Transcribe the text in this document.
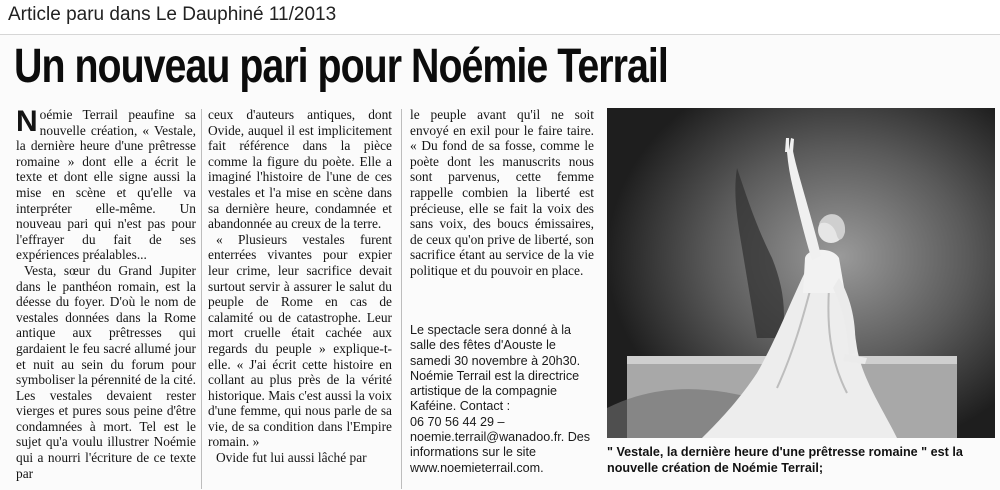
Article paru dans Le Dauphiné 11/2013
Un nouveau pari pour Noémie Terrail

Noémie Terrail peaufine sa nouvelle création, « Vestale, la dernière heure d'une prêtresse romaine » dont elle a écrit le texte et dont elle signe aussi la mise en scène et qu'elle va interpréter elle-même. Un nouveau pari qui n'est pas pour l'effrayer du fait de ses expériences préalables...

Vesta, sœur du Grand Jupiter dans le panthéon romain, est la déesse du foyer. D'où le nom de vestales données dans la Rome antique aux prêtresses qui gardaient le feu sacré allumé jour et nuit au sein du forum pour symboliser la pérennité de la cité. Les vestales devaient rester vierges et pures sous peine d'être condamnées à mort. Tel est le sujet qu'a voulu illustrer Noémie qui a nourri l'écriture de ce texte par

ceux d'auteurs antiques, dont Ovide, auquel il est implicitement fait référence dans la pièce comme la figure du poète. Elle a imaginé l'histoire de l'une de ces vestales et l'a mise en scène dans sa dernière heure, condamnée et abandonnée au creux de la terre.

« Plusieurs vestales furent enterrées vivantes pour expier leur crime, leur sacrifice devait surtout servir à assurer le salut du peuple de Rome en cas de calamité ou de catastrophe. Leur mort cruelle était cachée aux regards du peuple » explique-t-elle. « J'ai écrit cette histoire en collant au plus près de la vérité historique. Mais c'est aussi la voix d'une femme, qui nous parle de sa vie, de sa condition dans l'Empire romain. »

Ovide fut lui aussi lâché par

le peuple avant qu'il ne soit envoyé en exil pour le faire taire. « Du fond de sa fosse, comme le poète dont les manuscrits nous sont parvenus, cette femme rappelle combien la liberté est précieuse, elle se fait la voix des sans voix, des boucs émissaires, de ceux qu'on prive de liberté, son sacrifice étant au service de la vie politique et du pouvoir en place.

Le spectacle sera donné à la
salle des fêtes d'Aouste le
samedi 30 novembre à 20h30.
Noémie Terrail est la directrice
artistique de la compagnie
Kaféine. Contact :
06 70 56 44 29 –
noemie.terrail@wanadoo.fr. Des
informations sur le site
www.noemieterrail.com.
" Vestale, la dernière heure d'une prêtresse romaine " est la nouvelle création de Noémie Terrail;
